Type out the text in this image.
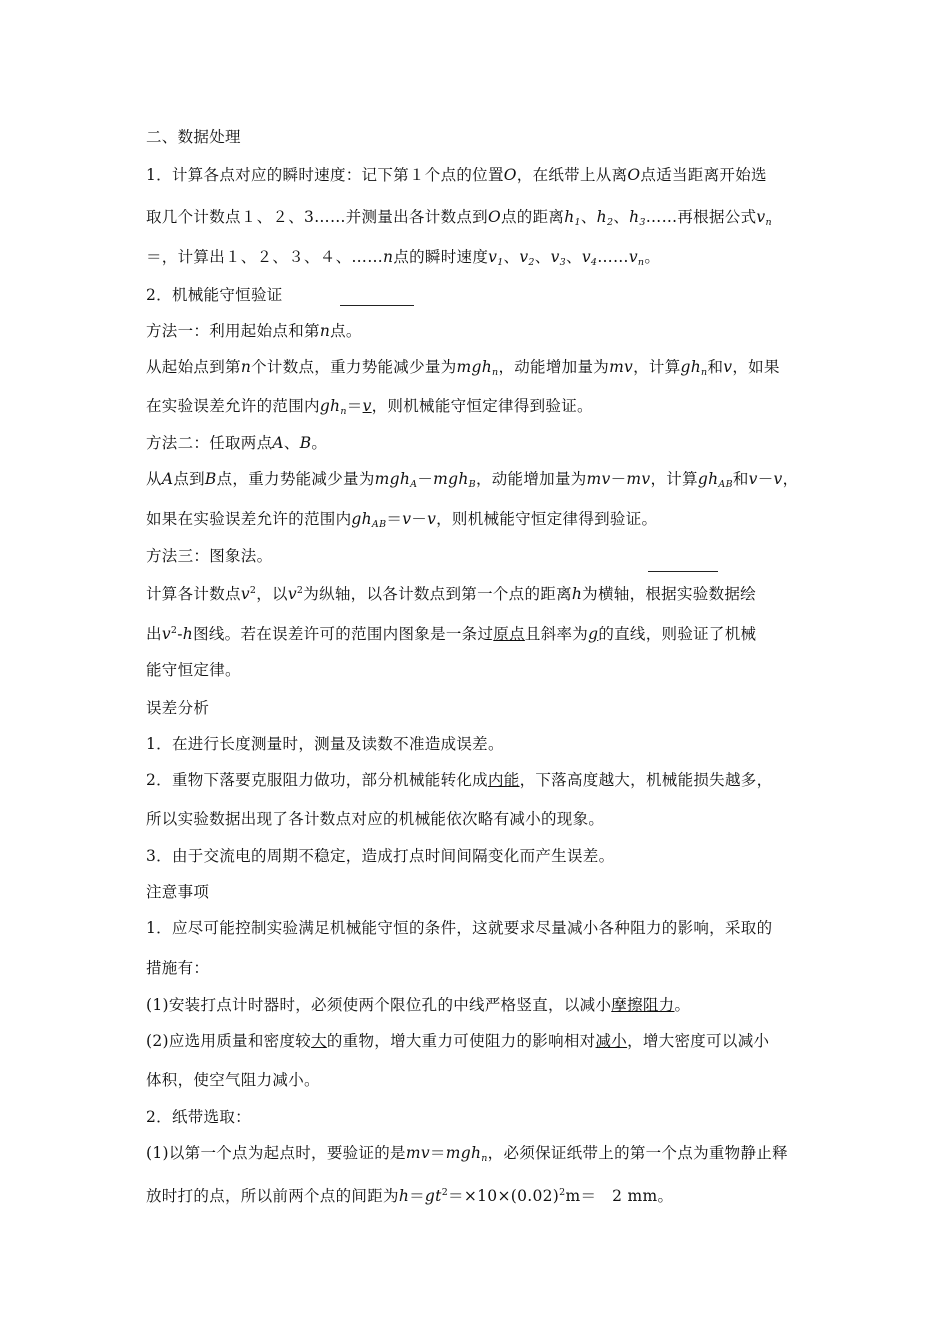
二、数据处理
1．计算各点对应的瞬时速度：记下第１个点的位置O，在纸带上从离O点适当距离开始选
取几个计数点１、２、3……并测量出各计数点到O点的距离$h_1$、$h_2$、$h_3\dots\dots$再根据公式$v_n$
＝，计算出１、２、３、４、……n点的瞬时速度$v_1$、$v_2$、$v_3$、$v_4\dots\dots v_n$。
2．机械能守恒验证
方法一：利用起始点和第n点。
从起始点到第n个计数点，重力势能减少量为mgh$_n$，动能增加量为mv，计算$gh_n$和v，如果
在实验误差允许的范围内$gh_n=v$，则机械能守恒定律得到验证。
方法二：任取两点A、B。
从A点到B点，重力势能减少量为mgh$_A$－mgh$_B$，动能增加量为mv－mv，计算$gh_{AB}$和v－v，
如果在实验误差允许的范围内$gh_{AB}=v-v$，则机械能守恒定律得到验证。
方法三：图象法。
计算各计数点$v^2$，以$v^2$为纵轴，以各计数点到第一个点的距离h为横轴，根据实验数据绘
出$v^2-h$图线。若在误差许可的范围内图象是一条过原点且斜率为g的直线，则验证了机械
能守恒定律。
误差分析
1．在进行长度测量时，测量及读数不准造成误差。
2．重物下落要克服阻力做功，部分机械能转化成内能，下落高度越大，机械能损失越多，
所以实验数据出现了各计数点对应的机械能依次略有减小的现象。
3．由于交流电的周期不稳定，造成打点时间间隔变化而产生误差。
注意事项
1．应尽可能控制实验满足机械能守恒的条件，这就要求尽量减小各种阻力的影响，采取的
措施有：
(1)安装打点计时器时，必须使两个限位孔的中线严格竖直，以减小摩擦阻力。
(2)应选用质量和密度较大的重物，增大重力可使阻力的影响相对减小，增大密度可以减小
体积，使空气阻力减小。
2．纸带选取：
(1)以第一个点为起点时，要验证的是mv＝mgh$_n$，必须保证纸带上的第一个点为重物静止释
放时打的点，所以前两个点的间距为$h=gt^2=\times 10\times(0.02)^2m=$　2 mm。
